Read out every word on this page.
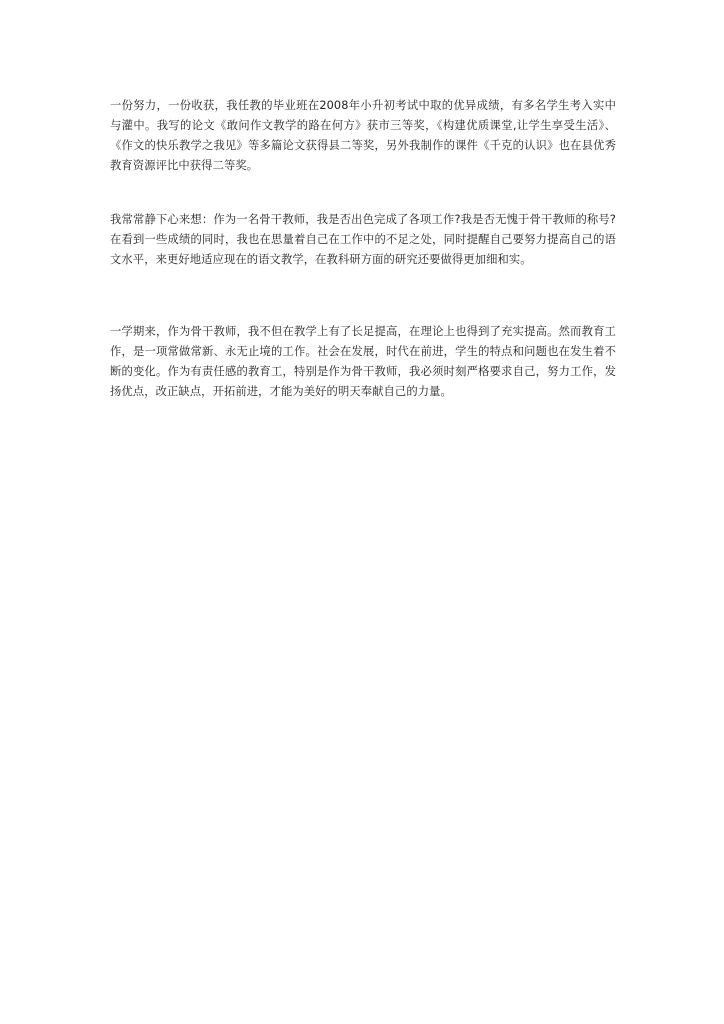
一份努力，一份收获，我任教的毕业班在2008年小升初考试中取的优异成绩，有多名学生考入实中与灌中。我写的论文《敢问作文教学的路在何方》获市三等奖，《构建优质课堂,让学生享受生活》、《作文的快乐教学之我见》等多篇论文获得县二等奖，另外我制作的课件《千克的认识》也在县优秀教育资源评比中获得二等奖。

我常常静下心来想：作为一名骨干教师，我是否出色完成了各项工作?我是否无愧于骨干教师的称号?在看到一些成绩的同时，我也在思量着自己在工作中的不足之处，同时提醒自己要努力提高自己的语文水平，来更好地适应现在的语文教学，在教科研方面的研究还要做得更加细和实。

一学期来，作为骨干教师，我不但在教学上有了长足提高，在理论上也得到了充实提高。然而教育工作，是一项常做常新、永无止境的工作。社会在发展，时代在前进，学生的特点和问题也在发生着不断的变化。作为有责任感的教育工，特别是作为骨干教师，我必须时刻严格要求自己，努力工作，发扬优点，改正缺点，开拓前进，才能为美好的明天奉献自己的力量。
